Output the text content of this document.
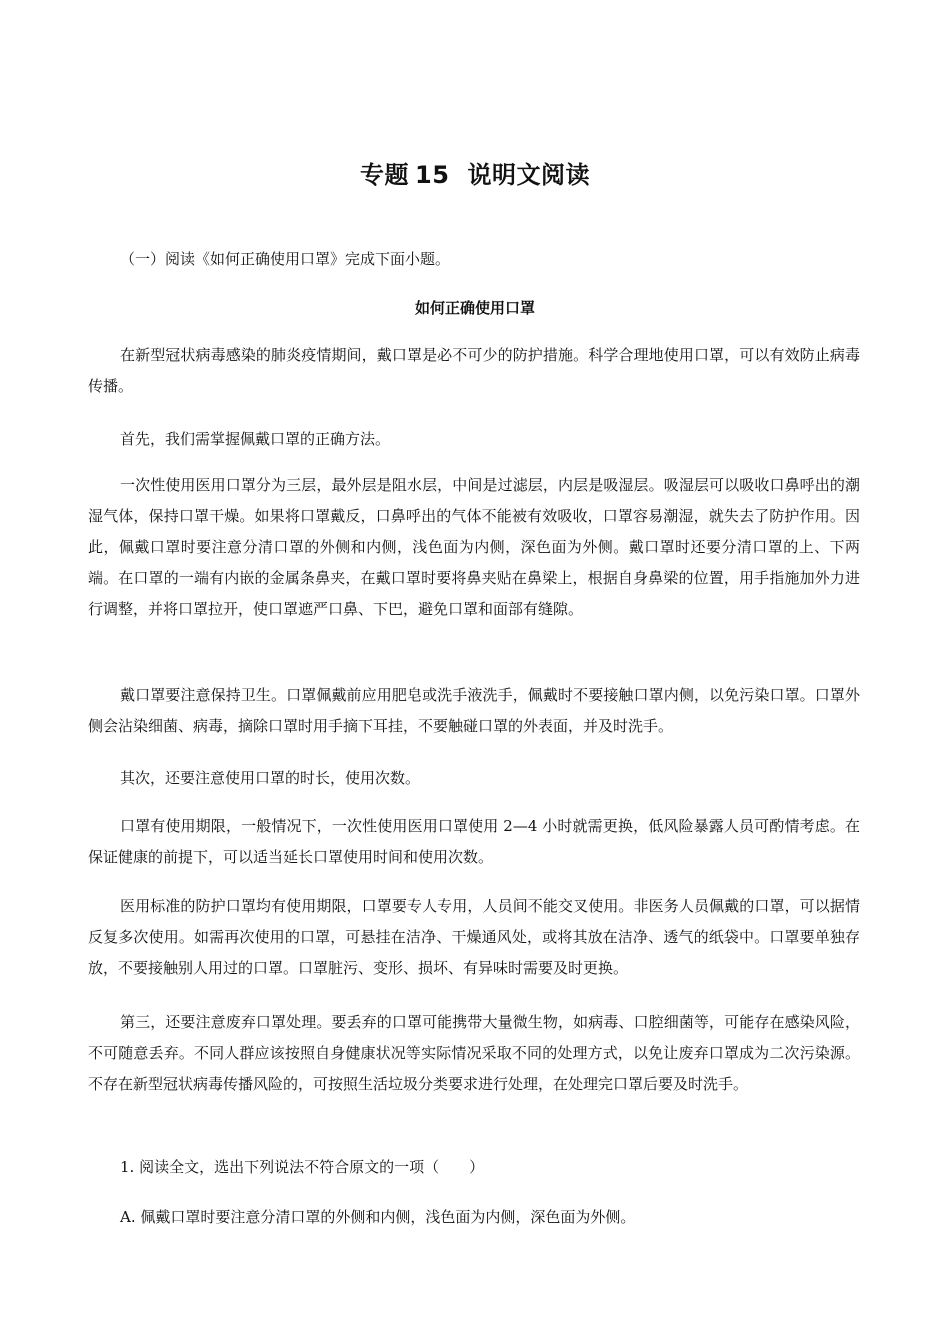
专题 15 说明文阅读

（一）阅读《如何正确使用口罩》完成下面小题。

如何正确使用口罩

在新型冠状病毒感染的肺炎疫情期间，戴口罩是必不可少的防护措施。科学合理地使用口罩，可以有效防止病毒传播。

首先，我们需掌握佩戴口罩的正确方法。

一次性使用医用口罩分为三层，最外层是阻水层，中间是过滤层，内层是吸湿层。吸湿层可以吸收口鼻呼出的潮湿气体，保持口罩干燥。如果将口罩戴反，口鼻呼出的气体不能被有效吸收，口罩容易潮湿，就失去了防护作用。因此，佩戴口罩时要注意分清口罩的外侧和内侧，浅色面为内侧，深色面为外侧。戴口罩时还要分清口罩的上、下两端。在口罩的一端有内嵌的金属条鼻夹，在戴口罩时要将鼻夹贴在鼻梁上，根据自身鼻梁的位置，用手指施加外力进行调整，并将口罩拉开，使口罩遮严口鼻、下巴，避免口罩和面部有缝隙。

戴口罩要注意保持卫生。口罩佩戴前应用肥皂或洗手液洗手，佩戴时不要接触口罩内侧，以免污染口罩。口罩外侧会沾染细菌、病毒，摘除口罩时用手摘下耳挂，不要触碰口罩的外表面，并及时洗手。

其次，还要注意使用口罩的时长，使用次数。

口罩有使用期限，一般情况下，一次性使用医用口罩使用 2—4 小时就需更换，低风险暴露人员可酌情考虑。在保证健康的前提下，可以适当延长口罩使用时间和使用次数。

医用标准的防护口罩均有使用期限，口罩要专人专用，人员间不能交叉使用。非医务人员佩戴的口罩，可以据情反复多次使用。如需再次使用的口罩，可悬挂在洁净、干燥通风处，或将其放在洁净、透气的纸袋中。口罩要单独存放，不要接触别人用过的口罩。口罩脏污、变形、损坏、有异味时需要及时更换。

第三，还要注意废弃口罩处理。要丢弃的口罩可能携带大量微生物，如病毒、口腔细菌等，可能存在感染风险，不可随意丢弃。不同人群应该按照自身健康状况等实际情况采取不同的处理方式，以免让废弃口罩成为二次污染源。不存在新型冠状病毒传播风险的，可按照生活垃圾分类要求进行处理，在处理完口罩后要及时洗手。

1. 阅读全文，选出下列说法不符合原文的一项（　　）

A. 佩戴口罩时要注意分清口罩的外侧和内侧，浅色面为内侧，深色面为外侧。
